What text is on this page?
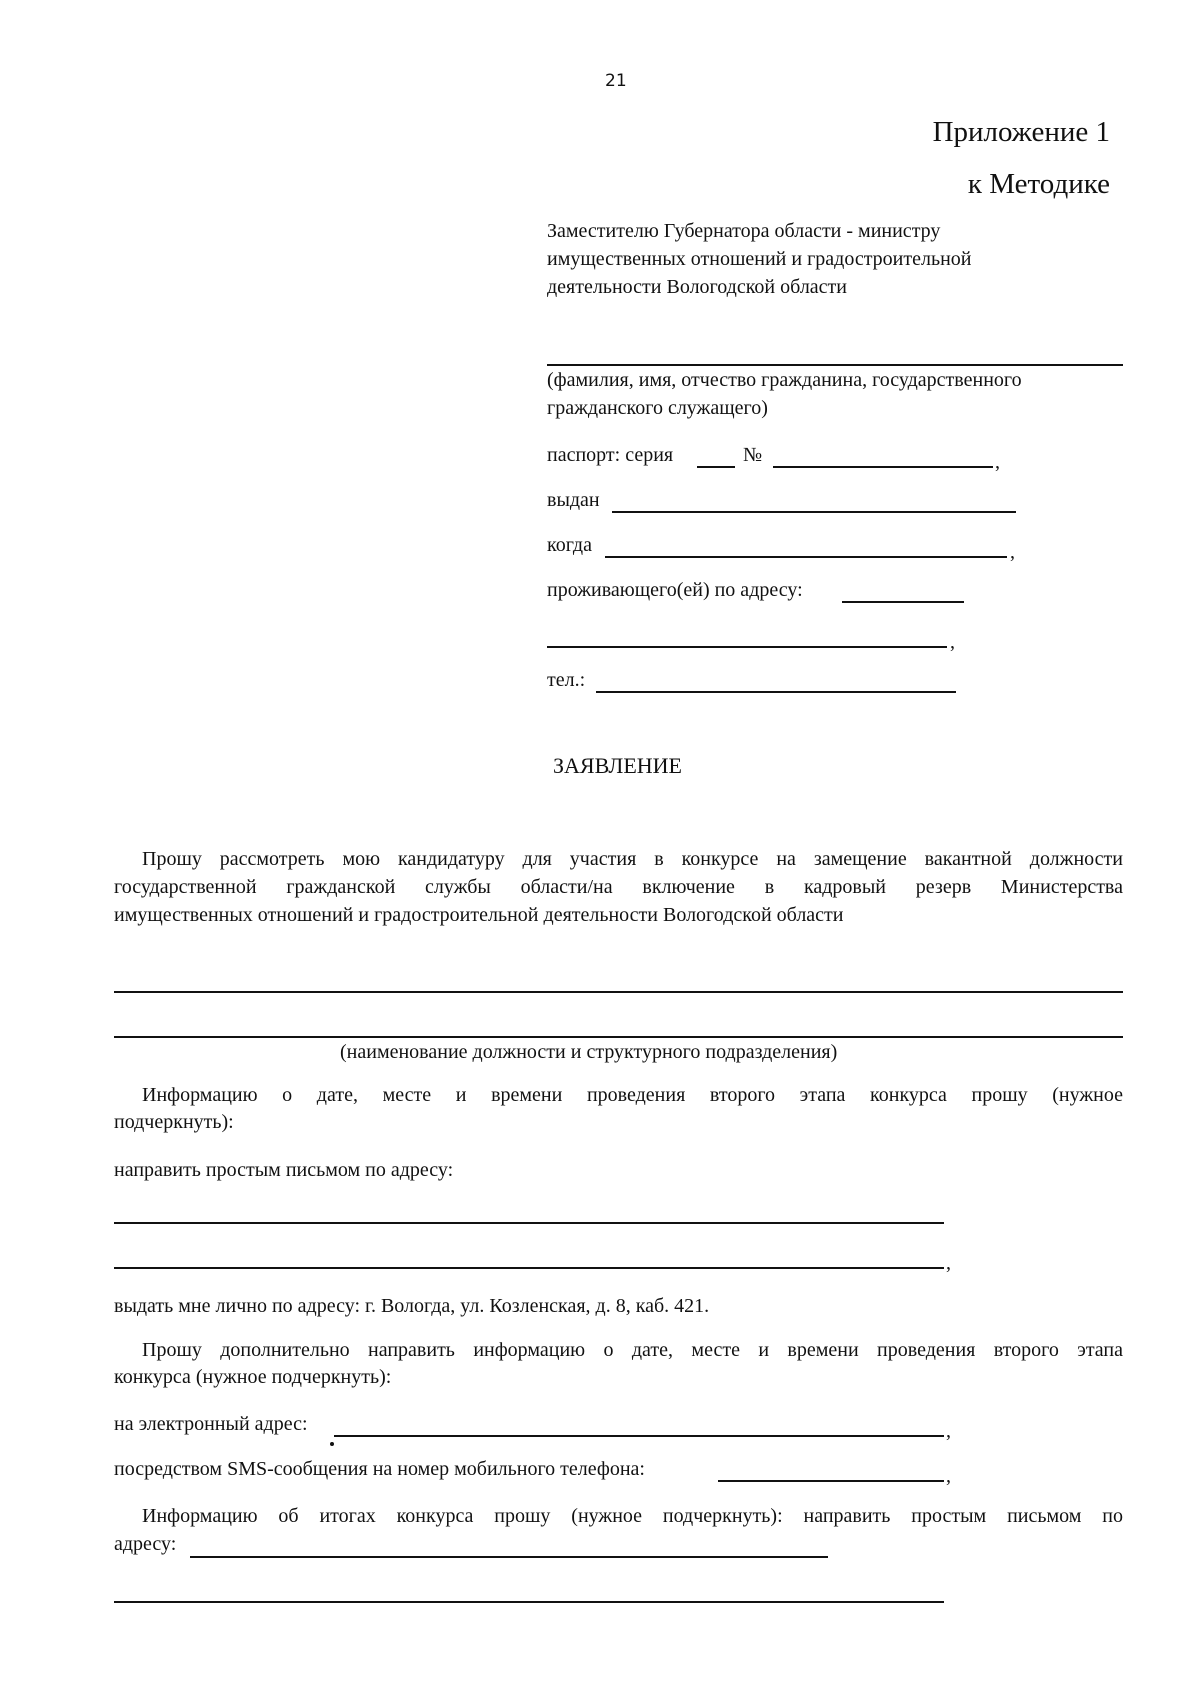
21
Приложение 1
к Методике
Заместителю Губернатора области - министру
имущественных отношений и градостроительной
деятельности Вологодской области
(фамилия, имя, отчество гражданина, государственного
гражданского служащего)
паспорт: серия	№	,
выдан
когда	,
проживающего(ей) по адресу:
,
тел.:
ЗАЯВЛЕНИЕ
Прошу рассмотреть мою кандидатуру для участия в конкурсе на замещение вакантной должности
государственной гражданской службы области/на включение в кадровый резерв Министерства
имущественных отношений и градостроительной деятельности Вологодской области
(наименование должности и структурного подразделения)
Информацию о дате, месте и времени проведения второго этапа конкурса прошу (нужное
подчеркнуть):
направить простым письмом по адресу:
,
выдать мне лично по адресу: г. Вологда, ул. Козленская, д. 8, каб. 421.
Прошу дополнительно направить информацию о дате, месте и времени проведения второго этапа
конкурса (нужное подчеркнуть):
на электронный адрес:	,
посредством SMS-сообщения на номер мобильного телефона:	,
Информацию об итогах конкурса прошу (нужное подчеркнуть): направить простым письмом по
адресу:
